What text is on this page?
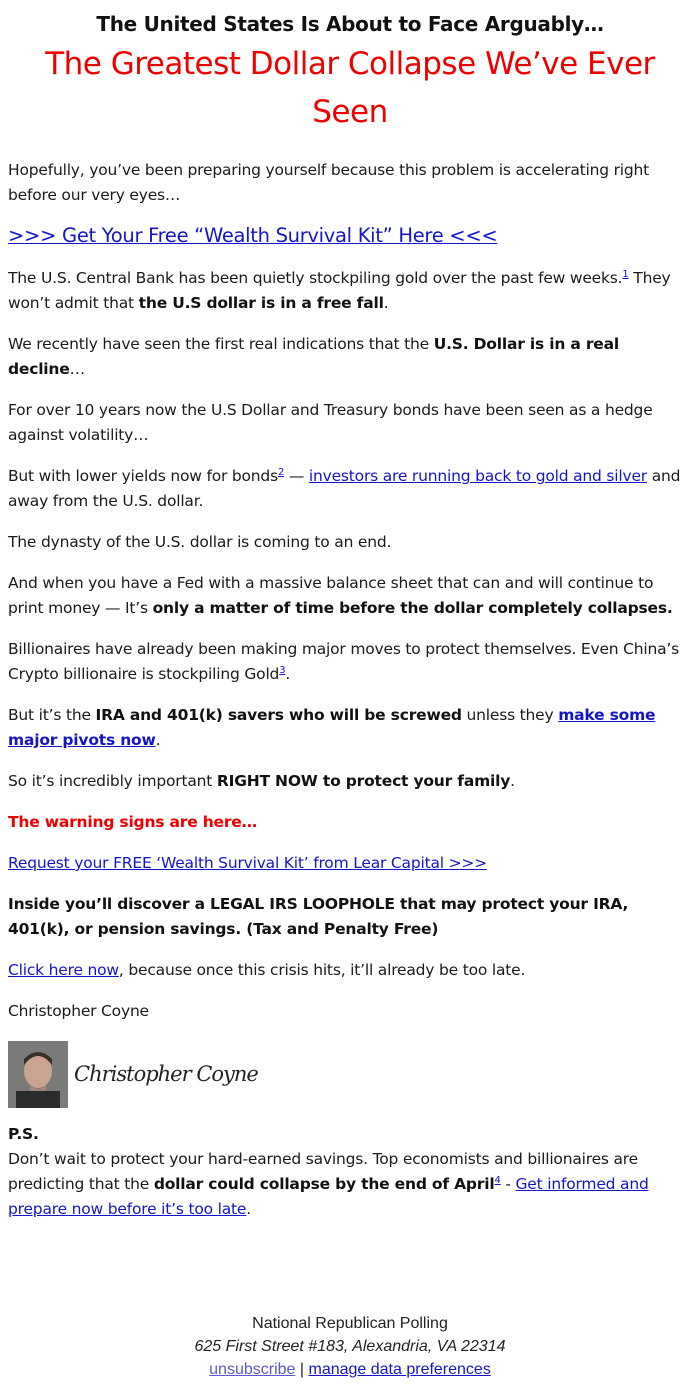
The United States Is About to Face Arguably…
The Greatest Dollar Collapse We’ve Ever Seen

Hopefully, you’ve been preparing yourself because this problem is accelerating right before our very eyes…

>>> Get Your Free “Wealth Survival Kit” Here <<<

The U.S. Central Bank has been quietly stockpiling gold over the past few weeks.$^1$ They won’t admit that the U.S dollar is in a free fall.

We recently have seen the first real indications that the U.S. Dollar is in a real decline…

For over 10 years now the U.S Dollar and Treasury bonds have been seen as a hedge against volatility…

But with lower yields now for bonds$^2$ — investors are running back to gold and silver and away from the U.S. dollar.

The dynasty of the U.S. dollar is coming to an end.

And when you have a Fed with a massive balance sheet that can and will continue to print money — It’s only a matter of time before the dollar completely collapses.

Billionaires have already been making major moves to protect themselves. Even China’s Crypto billionaire is stockpiling Gold$^3$.

But it’s the IRA and 401(k) savers who will be screwed unless they make some major pivots now.

So it’s incredibly important RIGHT NOW to protect your family.

The warning signs are here…

Request your FREE ‘Wealth Survival Kit’ from Lear Capital >>>

Inside you’ll discover a LEGAL IRS LOOPHOLE that may protect your IRA, 401(k), or pension savings. (Tax and Penalty Free)

Click here now, because once this crisis hits, it’ll already be too late.

Christopher Coyne

Christopher Coyne

P.S.

Don’t wait to protect your hard-earned savings. Top economists and billionaires are predicting that the dollar could collapse by the end of April$^4$ - Get informed and prepare now before it’s too late.

National Republican Polling
625 First Street #183, Alexandria, VA 22314
unsubscribe | manage data preferences
